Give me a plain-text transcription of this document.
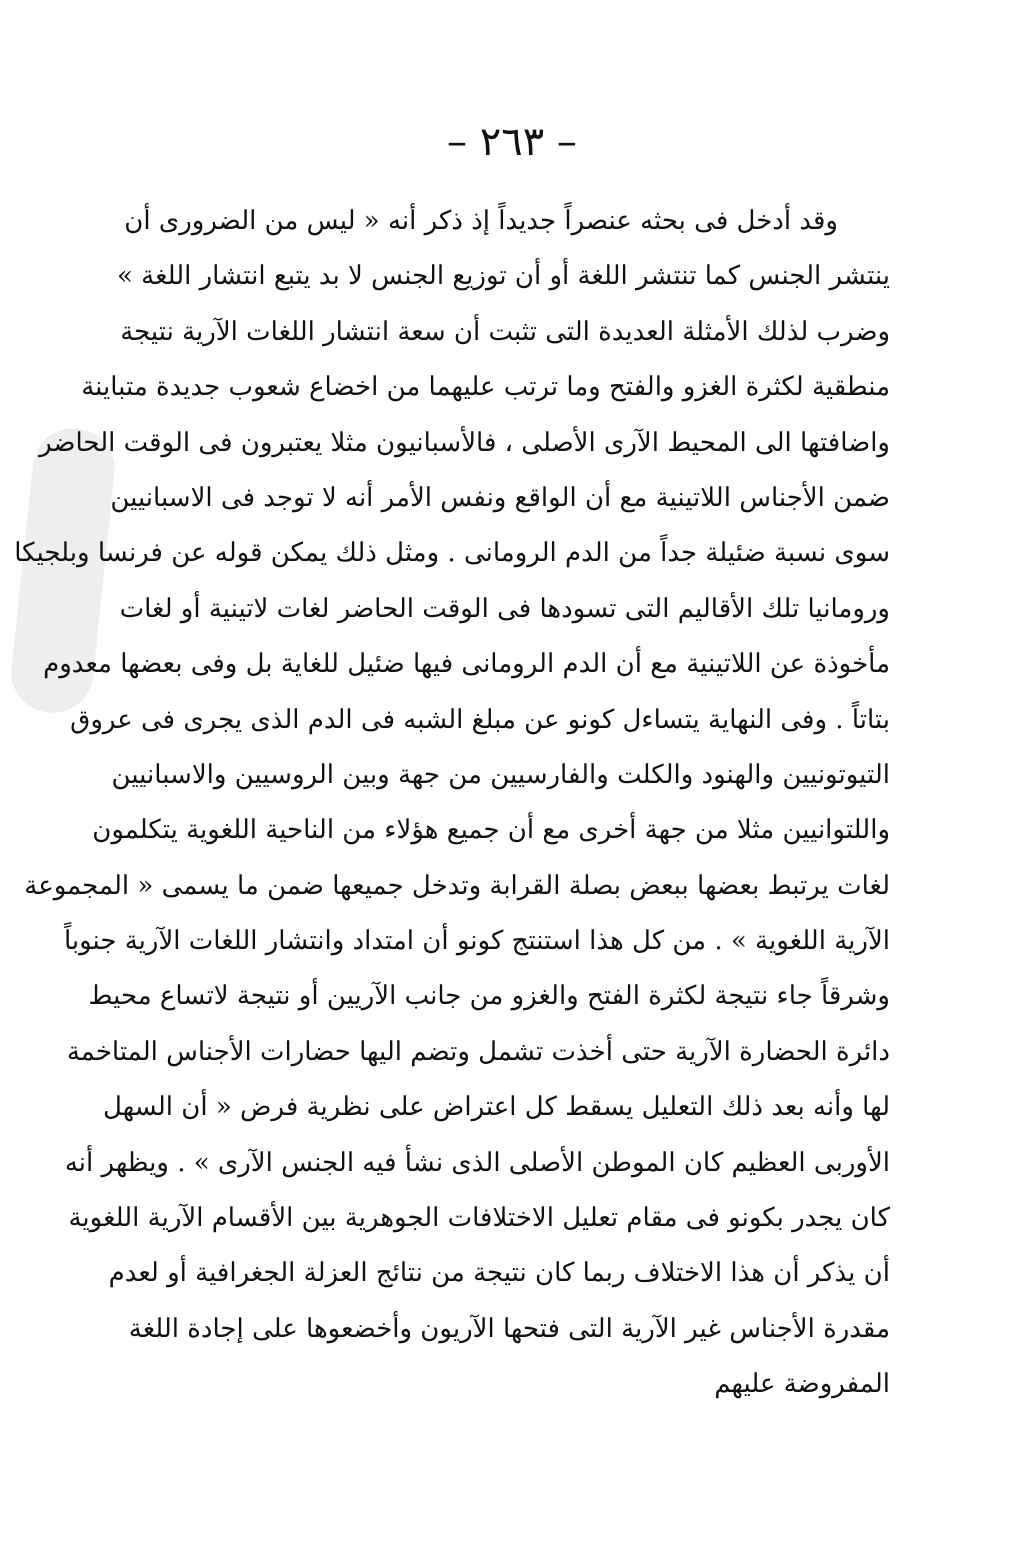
– ٢٦٣ –
وقد أدخل فى بحثه عنصراً جديداً إذ ذكر أنه « ليس من الضرورى أن
ينتشر الجنس كما تنتشر اللغة أو أن توزيع الجنس لا بد يتبع انتشار اللغة »
وضرب لذلك الأمثلة العديدة التى تثبت أن سعة انتشار اللغات الآرية نتيجة
منطقية لكثرة الغزو والفتح وما ترتب عليهما من اخضاع شعوب جديدة متباينة
واضافتها الى المحيط الآرى الأصلى ، فالأسبانيون مثلا يعتبرون فى الوقت الحاضر
ضمن الأجناس اللاتينية مع أن الواقع ونفس الأمر أنه لا توجد فى الاسبانيين
سوى نسبة ضئيلة جداً من الدم الرومانى . ومثل ذلك يمكن قوله عن فرنسا وبلجيكا
ورومانيا تلك الأقاليم التى تسودها فى الوقت الحاضر لغات لاتينية أو لغات
مأخوذة عن اللاتينية مع أن الدم الرومانى فيها ضئيل للغاية بل وفى بعضها معدوم
بتاتاً . وفى النهاية يتساءل كونو عن مبلغ الشبه فى الدم الذى يجرى فى عروق
التيوتونيين والهنود والكلت والفارسيين من جهة وبين الروسيين والاسبانيين
واللتوانيين مثلا من جهة أخرى مع أن جميع هؤلاء من الناحية اللغوية يتكلمون
لغات يرتبط بعضها ببعض بصلة القرابة وتدخل جميعها ضمن ما يسمى « المجموعة
الآرية اللغوية » . من كل هذا استنتج كونو أن امتداد وانتشار اللغات الآرية جنوباً
وشرقاً جاء نتيجة لكثرة الفتح والغزو من جانب الآريين أو نتيجة لاتساع محيط
دائرة الحضارة الآرية حتى أخذت تشمل وتضم اليها حضارات الأجناس المتاخمة
لها وأنه بعد ذلك التعليل يسقط كل اعتراض على نظرية فرض « أن السهل
الأوربى العظيم كان الموطن الأصلى الذى نشأ فيه الجنس الآرى » . ويظهر أنه
كان يجدر بكونو فى مقام تعليل الاختلافات الجوهرية بين الأقسام الآرية اللغوية
أن يذكر أن هذا الاختلاف ربما كان نتيجة من نتائج العزلة الجغرافية أو لعدم
مقدرة الأجناس غير الآرية التى فتحها الآريون وأخضعوها على إجادة اللغة
المفروضة عليهم
